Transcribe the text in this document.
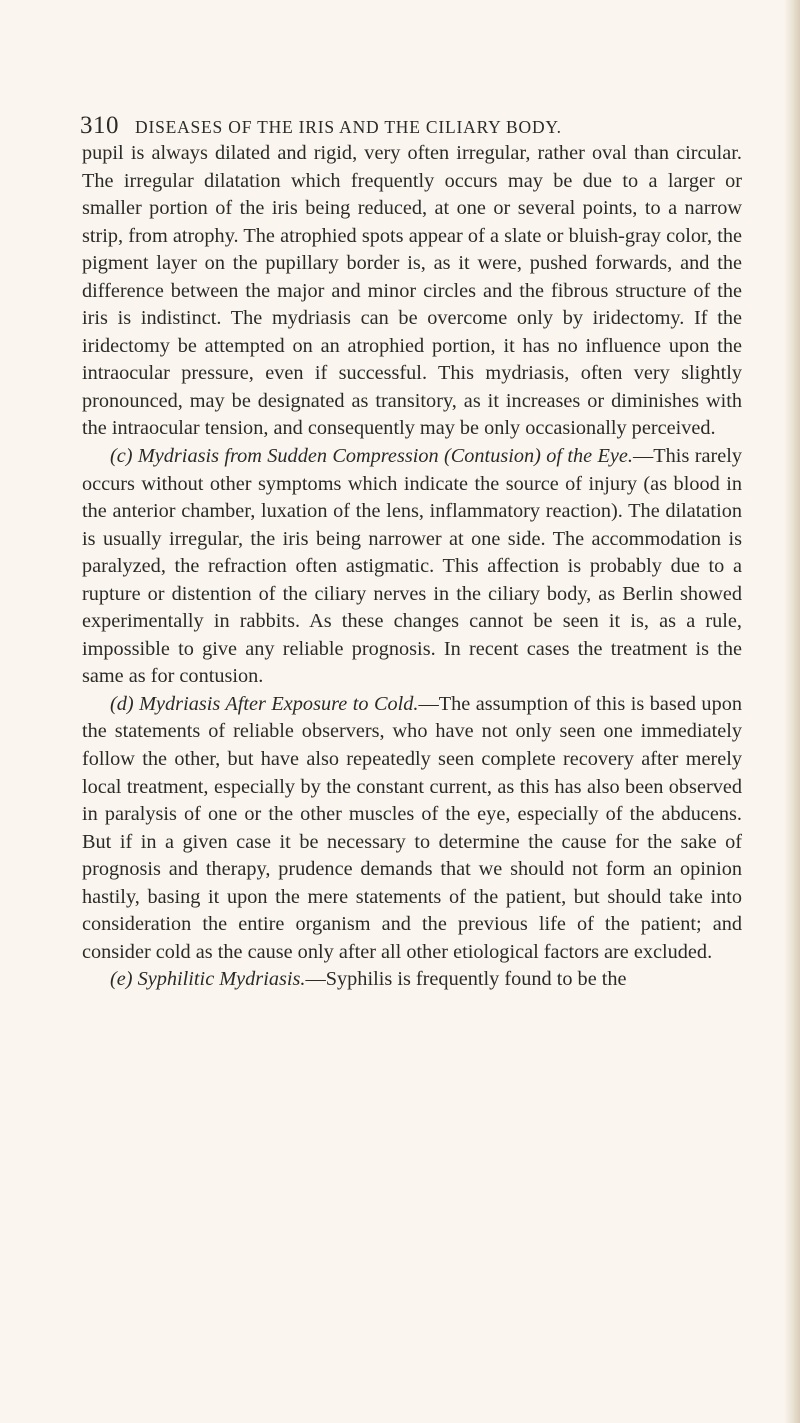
310 DISEASES OF THE IRIS AND THE CILIARY BODY.

pupil is always dilated and rigid, very often irregular, rather oval than circular. The irregular dilatation which frequently occurs may be due to a larger or smaller portion of the iris being reduced, at one or several points, to a narrow strip, from atrophy. The atrophied spots appear of a slate or bluish-gray color, the pigment layer on the pupillary border is, as it were, pushed forwards, and the difference between the major and minor circles and the fibrous structure of the iris is indistinct. The mydriasis can be overcome only by iridectomy. If the iridectomy be attempted on an atrophied portion, it has no influence upon the intraocular pressure, even if successful. This mydriasis, often very slightly pronounced, may be designated as transitory, as it increases or diminishes with the intraocular tension, and consequently may be only occasionally perceived.

(c) Mydriasis from Sudden Compression (Contusion) of the Eye.—This rarely occurs without other symptoms which indicate the source of injury (as blood in the anterior chamber, luxation of the lens, inflammatory reaction). The dilatation is usually irregular, the iris being narrower at one side. The accommodation is paralyzed, the refraction often astigmatic. This affection is probably due to a rupture or distention of the ciliary nerves in the ciliary body, as Berlin showed experimentally in rabbits. As these changes cannot be seen it is, as a rule, impossible to give any reliable prognosis. In recent cases the treatment is the same as for contusion.

(d) Mydriasis After Exposure to Cold.—The assumption of this is based upon the statements of reliable observers, who have not only seen one immediately follow the other, but have also repeatedly seen complete recovery after merely local treatment, especially by the constant current, as this has also been observed in paralysis of one or the other muscles of the eye, especially of the abducens. But if in a given case it be necessary to determine the cause for the sake of prognosis and therapy, prudence demands that we should not form an opinion hastily, basing it upon the mere statements of the patient, but should take into consideration the entire organism and the previous life of the patient; and consider cold as the cause only after all other etiological factors are excluded.

(e) Syphilitic Mydriasis.—Syphilis is frequently found to be the
